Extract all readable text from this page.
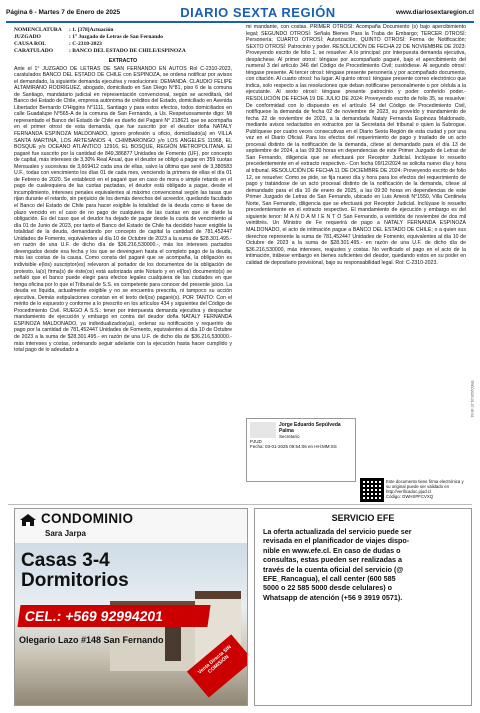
Página 6 - Martes 7 de Enero de 2025	DIARIO SEXTA REGIÓN	www.diariosextaregion.cl
NOMENCLATURA	: 1. [378]Actuación
JUZGADO	: 1° Juzgado de Letras de San Fernando
CAUSA ROL	: C-2310-2023
CARATULADO	: BANCO DEL ESTADO DE CHILE/ESPINOZA
EXTRACTO

Ante el 1° JUZGADO DE LETRAS DE SAN FERNANDO EN AUTOS Rol C-2310-2023, caratulados BANCO DEL ESTADO DE CHILE con ESPINOZA, se ordena notificar por avisos el demandado, la siguiente demanda ejecutiva y resoluciones: DEMANDA. CLAUDIO FELIPE ALTAMIRANO RODRÍGUEZ, abogado, domiciliado en San Diego N°81, piso 6 de la comuna de Santiago, mandatario judicial en representación convencional, según se acreditará, del Banco del Estado de Chile, empresa autónoma de créditos del Estado, domiciliado en Avenida Libertador Bernardo O'Higgins N°1111, Santiago y para estos efectos, todos domiciliados en calle Guadalupe N°565-A de la comuna de San Fernando, a Us. Respetuosamente digo: Mi representado el Banco del Estado de Chile es dueño del Pagaré N° 218621 que se acompaña en el primer otrosí de esta demanda, que fue suscrito por el deudor doña NATALY FERNANDA ESPINOZA MALDONADO, ignoro profesión u oficio, domiciliado(a) en VILLA SANTA MARTINA, LOS ARTESANOS 4, CHIMBARONGO y/o LOS ANGELES 11968, EL BOSQUE y/o OCEANO ATLÁNTICO 12916, EL BOSQUE, REGIÓN METROPOLITANA. El pagaré fue suscrito por la cantidad de 849,386877 Unidades de Fomento (UF), por concepto de capital, más intereses de 3,30% Real Anual, que el deudor se obligó a pagar en 359 cuotas Mensuales y sucesivas de 3,669412 cada una de ellas, salvo la última que seré de 3,380583 U.F., todas con vencimiento los días 01 de cada mes, venciendo la primera de ellas el día 01 de Febrero de 2020. Se estableció en el pagaré que en caso de mora o simple retardo en el pago de cualesquiera de las cuotas pactadas, el deudor está obligado a pagar, desde el incumplimiento, intereses penales equivalentes al máximo convencional según las tasas que rijan durante el retardo, sin perjuicio de los demás derechos del acreedor, quedando facultado el Banco del Estado de Chile para hacer exigible la totalidad de la deuda como si fuese de plazo vencido en el caso de no pago de cualquiera de las cuotas en que se divide la obligación. Es del caso que el deudor ha dejado de pagar desde la cuota de vencimiento al día 01 de Junio de 2023, por tanto el Banco del Estado de Chile ha decidido hacer exigible la totalidad de la deuda, demandando por concepto de capital la cantidad de 781,452447 Unidades de Fomento, equivalentes al día 10 de Octubre de 2023 a la suma de $28.301.495.- en razón de una U.F. de dicho día de $36.216,530000.-, más los intereses pactados devengados desde esa fecha y los que se devenguen hasta el completo pago de la deuda, más las costas de la causa. Como consta del pagaré que se acompaña, la obligación es indivisible e(los) suscriptor(es) relevaron al portador de los documentos de la obligación de protesto, la(s) firma(s) de éste(os) está autorizada ante Notario y en el(los) documento(s) se señaló que el banco puede elegir para efectos legales cualquiera de las ciudades en que tenga oficina por lo que el Tribunal de S.S. es competente para conocer del presente juicio. La deuda es líquida, actualmente exigible y no se encuentra prescrita, ni tampoco su acción ejecutiva. Demás estipulaciones constan en el texto del(os) pagaré(s). POR TANTO: Con el mérito de lo expuesto y conforme a lo prescrito en los artículos 434 y siguientes del Código de Procedimiento Civil. RUEGO A S.S.: tener por interpuesta demanda ejecutiva y despachar mandamiento de ejecución y embargo en contra del deudor doña NATALY FERNANDA ESPINOZA MALDONADO, ya individualizados(as), ordenar su notificación y requerirlo de pago por la cantidad de 781,452447 Unidades de Fomento, equivalentes al día 10 de Octubre de 2023 a la suma de $28.301.495.- en razón de una U.F. de dicho día de $36.216,530000.- más intereses y costas, ordenando seguir adelante con la ejecución hasta hacer cumplido y total pago de lo adeudado a

mi mandante, con costas. PRIMER OTROSÍ: Acompaña Documento (s) bajo apercibimiento legal; SEGUNDO OTROSÍ: Señala Bienes Para la Traba de Embargo; TERCER OTROSÍ: Personería; CUARTO OTROSÍ: Autorización, QUINTO OTROSÍ: Forma de Notificación; SEXTO OTROSÍ: Patrocinio y poder. RESOLUCIÓN DE FECHA 22 DE NOVIEMBRE DE 2023: Proveyendo escrito de folio 1, se resuelve: A lo principal: por interpuesta demanda ejecutiva, despáchese. Al primer otrosí: téngase por acompañado pagaré, bajo el apercibimiento del numeral 3 del artículo 346 del Código de Procedimiento Civil; custódiese. Al segundo otrosí: téngase presente. Al tercer otrosí: téngase presente personería y por acompañado documento, con citación. Al cuarto otrosí: ha lugar. Al quinto otrosí: téngase presente correo electrónico que indica, solo respecto a las resoluciones que deban notificarse personalmente o por cédula a la ejecutante. Al sexto otrosí: téngase presente patrocinio y poder conferido poder.- RESOLUCIÓN DE FECHA 19 DE JULIO DE 2024: Proveyendo escrito de folio 35, se resuelve: De conformidad con lo dispuesto en el artículo 54 del Código de Procedimiento Civil, notifíquese la demanda de fecha 02 de noviembre de 2023, su proveído y mandamiento de fecha 22 de noviembre de 2023, a la demandada Nataly Fernanda Espinoza Maldonado, mediante avisos redactados en extractos por la Secretaria del tribunal o quien la Subrogue. Publíquese por cuatro veces consecutivas en el Diario Sexta Región de esta ciudad y por una vez en el Diario Oficial. Para los efectos del requerimiento de pago y traslado de un acto procesal distinto de la notificación de la demanda, cítese al demandado para el día 13 de septiembre de 2024, a las 09:30 horas en dependencias de este Primer Juzgado de Letras de San Fernando, diligencia que se efectuará por Receptor Judicial. Inclúyase lo resuelto precedentemente en el extracto respectivo.- Con fecha 09/12/2024 se solicita nuevo día y hora al tribunal. RESOLUCIÓN DE FECHA 11 DE DICIEMBRE DE 2024: Proveyendo escrito de folio 12, se resuelve: Como se pide, se fija nuevo día y hora para los efectos del requerimiento de pago y tratándose de un acto procesal distinto de la notificación de la demanda, cítese al demandado para el día 10 de enero de 2025, a las 09:30 horas en dependencias de este Primer Juzgado de Letras de San Fernando, ubicado en Luis Amesti N°1550, Villa Centinela Norte, San Fernando, diligencia que se efectuará por Receptor Judicial. Inclúyase lo resuelto precedentemente en el extracto respectivo. El mandamiento de ejecución y embargo es del siguiente tenor: M A N D A M I E N T O San Fernando, a veintidós de noviembre de dos mil veintitrés. Un Ministro de Fe requerirá de pago a NATALY FERNANDA ESPINOZA MALDONADO, el acto de intimación pague a BANCO DEL ESTADO DE CHILE; o a quien sus derechos represente la suma de 781,452447 Unidades de Fomento, equivalentes al día 10 de Octubre de 2023 a la suma de $28.301.495.- en razón de una U.F. de dicho día de $36.216,530000, más intereses, reajustes y costas. No verificado el pago en el acto de la intimación, trábese embargo en bienes suficientes del deudor, quedando estos en su poder en calidad de depositario provisional, bajo su responsabilidad legal. Rol: C-2310-2023.

Jorge Eduardo Sepúlveda Palma
Secretario
PJUD
Fecha: 03-01-2025 09:54:06 en HH:MM:SS
Este documento tiene firma electrónica y su original puede ser validado en http://verificadoc.pjud.cl
Código: GWHXPFCVXQ
TREO2025-01-07 09:54
CONDOMINIO
Sara Jarpa
Casas 3-4
Dormitorios
CEL.: +569 92994201
Olegario Lazo #148 San Fernando
Venta Directa SIN COMISIÓN
SERVICIO EFE
La oferta actualizada del servicio puede ser
revisada en el planificador de viajes dispo-
nible en www.efe.cl. En caso de dudas o
consultas, estas pueden ser realizadas a
través de la cuenta oficial del servicio (@
EFE_Rancagua), el call center (600 585
5000 o 22 585 5000 desde celulares) o
Whatsapp de atención (+56 9 3919 0571).
